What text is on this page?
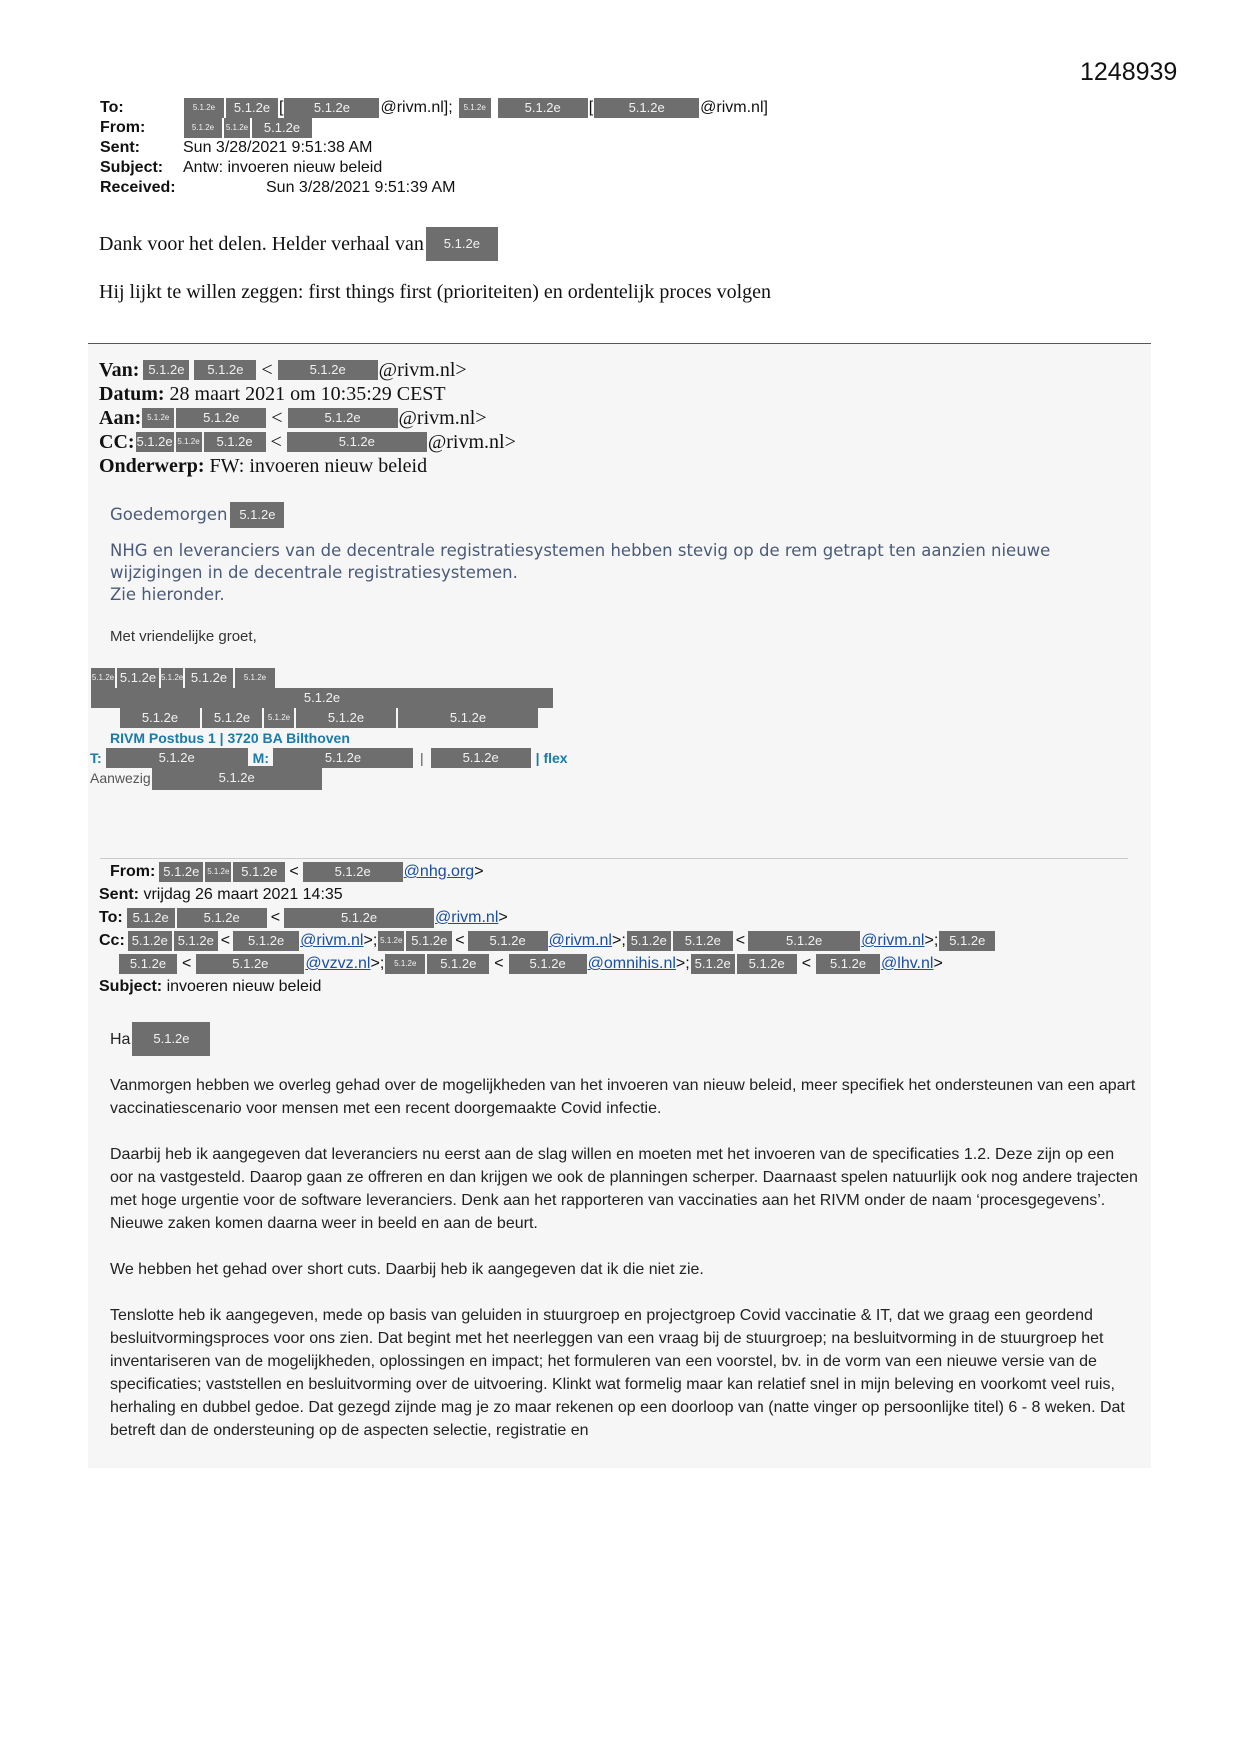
1248939
To:	5.1.2e	5.1.2e [	5.1.2e	@rivm.nl];	5.1.2e	5.1.2e	[	5.1.2e	@rivm.nl]
From:	5.1.2e	5.1.2e	5.1.2e
Sent:	Sun 3/28/2021 9:51:38 AM
Subject:	Antw: invoeren nieuw beleid
Received:	Sun 3/28/2021 9:51:39 AM

Dank voor het delen. Helder verhaal van	5.1.2e

Hij lijkt te willen zeggen: first things first (prioriteiten) en ordentelijk proces volgen

Van: 5.1.2e	5.1.2e <	5.1.2e	@rivm.nl>
Datum:
28 maart 2021 om 10:35:29 CEST
Aan: 5.1.2e	5.1.2e	<	5.1.2e	@rivm.nl>
CC: 5.1.2e 5.1.2e	5.1.2e <	5.1.2e	@rivm.nl>
Onderwerp:
FW: invoeren nieuw beleid

Goedemorgen 5.1.2e

NHG en leveranciers van de decentrale registratiesystemen hebben stevig op de rem getrapt ten aanzien nieuwe wijzigingen in de decentrale registratiesystemen.

Zie hieronder.

Met vriendelijke groet,
5.1.2e 5.1.2e 5.1.2e 5.1.2e	5.1.2e
5.1.2e
5.1.2e	5.1.2e	5.1.2e	5.1.2e	5.1.2e
RIVM Postbus 1 | 3720 BA Bilthoven
T:	5.1.2e	M:	5.1.2e	|	5.1.2e	| flex
Aanwezig	5.1.2e
From: 5.1.2e 5.1.2e 5.1.2e <	5.1.2e	@nhg.org >
Sent:
vrijdag 26 maart 2021 14:35
To: 5.1.2e	5.1.2e	<	5.1.2e	@rivm.nl >
Cc: 5.1.2e 5.1.2e <	5.1.2e @rivm.nl >; 5.1.2e 5.1.2e <	5.1.2e	@rivm.nl >; 5.1.2e	5.1.2e <	5.1.2e	@rivm.nl >; 5.1.2e
5.1.2e <	5.1.2e	@vzvz.nl >;	5.1.2e	5.1.2e	<	5.1.2e	@omnihis.nl >; 5.1.2e	5.1.2e	<	5.1.2e @lhv.nl >
Subject:
invoeren nieuw beleid

Ha	5.1.2e

Vanmorgen hebben we overleg gehad over de mogelijkheden van het invoeren van nieuw beleid, meer specifiek het ondersteunen van een apart vaccinatiescenario voor mensen met een recent doorgemaakte Covid infectie.

Daarbij heb ik aangegeven dat leveranciers nu eerst aan de slag willen en moeten met het invoeren van de specificaties 1.2. Deze zijn op een oor na vastgesteld. Daarop gaan ze offreren en dan krijgen we ook de planningen scherper. Daarnaast spelen natuurlijk ook nog andere trajecten met hoge urgentie voor de software leveranciers. Denk aan het rapporteren van vaccinaties aan het RIVM onder de naam ‘procesgegevens’. Nieuwe zaken komen daarna weer in beeld en aan de beurt.

We hebben het gehad over short cuts. Daarbij heb ik aangegeven dat ik die niet zie.

Tenslotte heb ik aangegeven, mede op basis van geluiden in stuurgroep en projectgroep Covid vaccinatie & IT, dat we graag een geordend besluitvormingsproces voor ons zien. Dat begint met het neerleggen van een vraag bij de stuurgroep; na besluitvorming in de stuurgroep het inventariseren van de mogelijkheden, oplossingen en impact; het formuleren van een voorstel, bv. in de vorm van een nieuwe versie van de specificaties; vaststellen en besluitvorming over de uitvoering. Klinkt wat formelig maar kan relatief snel in mijn beleving en voorkomt veel ruis, herhaling en dubbel gedoe. Dat gezegd zijnde mag je zo maar rekenen op een doorloop van (natte vinger op persoonlijke titel) 6 - 8 weken. Dat betreft dan de ondersteuning op de aspecten selectie, registratie en
